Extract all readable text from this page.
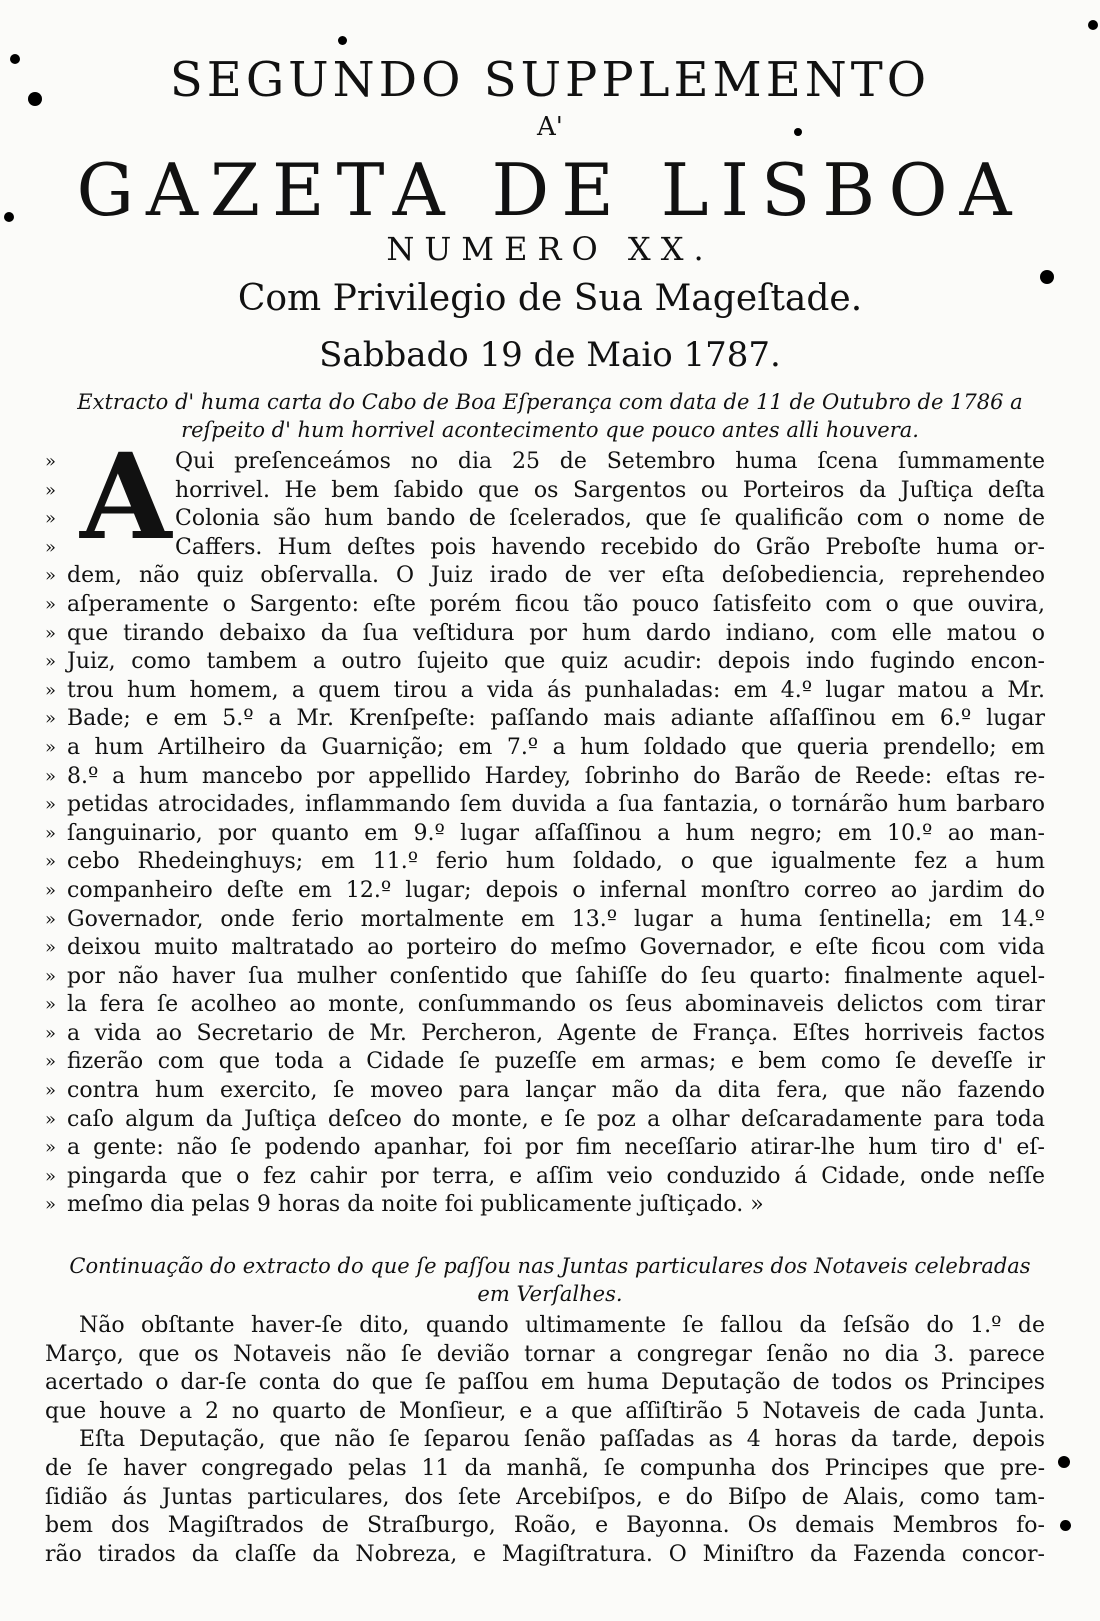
SEGUNDO SUPPLEMENTO
A'
GAZETA DE LISBOA
NUMERO XX.
Com Privilegio de Sua Mageſtade.
Sabbado 19 de Maio 1787.
Extracto d' huma carta do Cabo de Boa Eſperança com data de 11 de Outubro de 1786 a reſpeito d' hum horrivel acontecimento que pouco antes alli houvera.
A
»	Qui preſenceámos no dia 25 de Setembro huma ſcena ſummamente
»	horrivel. He bem ſabido que os Sargentos ou Porteiros da Juſtiça deſta
»	Colonia são hum bando de ſcelerados, que ſe qualificão com o nome de
»	Caffers. Hum deſtes pois havendo recebido do Grão Preboſte huma or-
» dem, não quiz obſervalla. O Juiz irado de ver eſta deſobediencia, reprehendeo
» aſperamente o Sargento: eſte porém ficou tão pouco ſatisfeito com o que ouvira,
» que tirando debaixo da ſua veſtidura por hum dardo indiano, com elle matou o
» Juiz, como tambem a outro ſujeito que quiz acudir: depois indo fugindo encon-
» trou hum homem, a quem tirou a vida ás punhaladas: em 4.º lugar matou a Mr.
» Bade; e em 5.º a Mr. Krenſpeſte: paſſando mais adiante aſſaſſinou em 6.º lugar
» a hum Artilheiro da Guarnição; em 7.º a hum ſoldado que queria prendello; em
» 8.º a hum mancebo por appellido Hardey, ſobrinho do Barão de Reede: eſtas re-
» petidas atrocidades, inflammando ſem duvida a ſua fantazia, o tornárão hum barbaro
» ſanguinario, por quanto em 9.º lugar aſſaſſinou a hum negro; em 10.º ao man-
» cebo Rhedeinghuys; em 11.º ferio hum ſoldado, o que igualmente fez a hum
» companheiro deſte em 12.º lugar; depois o infernal monſtro correo ao jardim do
» Governador, onde ferio mortalmente em 13.º lugar a huma ſentinella; em 14.º
» deixou muito maltratado ao porteiro do meſmo Governador, e eſte ficou com vida
» por não haver ſua mulher conſentido que ſahiſſe do ſeu quarto: finalmente aquel-
» la fera ſe acolheo ao monte, conſummando os ſeus abominaveis delictos com tirar
» a vida ao Secretario de Mr. Percheron, Agente de França. Eſtes horriveis factos
» fizerão com que toda a Cidade ſe puzeſſe em armas; e bem como ſe deveſſe ir
» contra hum exercito, ſe moveo para lançar mão da dita fera, que não fazendo
» caſo algum da Juſtiça deſceo do monte, e ſe poz a olhar deſcaradamente para toda
» a gente: não ſe podendo apanhar, foi por fim neceſſario atirar-lhe hum tiro d' eſ-
» pingarda que o fez cahir por terra, e aſſim veio conduzido á Cidade, onde neſſe
» meſmo dia pelas 9 horas da noite foi publicamente juſtiçado. »
Continuação do extracto do que ſe paſſou nas Juntas particulares dos Notaveis celebradas em Verſalhes.
Não obſtante haver-ſe dito, quando ultimamente ſe fallou da ſeſsão do 1.º de
Março, que os Notaveis não ſe devião tornar a congregar ſenão no dia 3. parece
acertado o dar-ſe conta do que ſe paſſou em huma Deputação de todos os Principes
que houve a 2 no quarto de Monſieur, e a que aſſiſtirão 5 Notaveis de cada Junta.
Eſta Deputação, que não ſe ſeparou ſenão paſſadas as 4 horas da tarde, depois
de ſe haver congregado pelas 11 da manhã, ſe compunha dos Principes que pre-
ſidião ás Juntas particulares, dos ſete Arcebiſpos, e do Biſpo de Alais, como tam-
bem dos Magiſtrados de Straſburgo, Roão, e Bayonna. Os demais Membros fo-
rão tirados da claſſe da Nobreza, e Magiſtratura. O Miniſtro da Fazenda concor-
